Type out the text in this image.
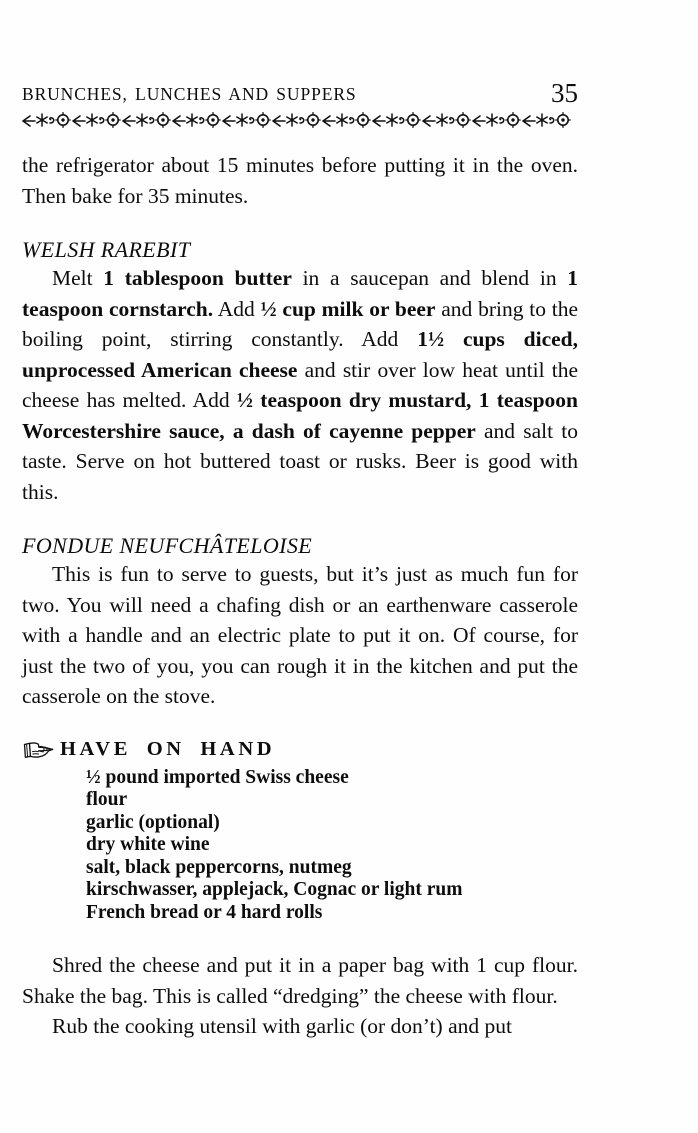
BRUNCHES, LUNCHES AND SUPPERS	35

the refrigerator about 15 minutes before putting it in the oven. Then bake for 35 minutes.

WELSH RAREBIT

Melt 1 tablespoon butter in a saucepan and blend in 1 teaspoon cornstarch. Add ½ cup milk or beer and bring to the boiling point, stirring constantly. Add 1½ cups diced, unprocessed American cheese and stir over low heat until the cheese has melted. Add ½ teaspoon dry mustard, 1 teaspoon Worcestershire sauce, a dash of cayenne pepper and salt to taste. Serve on hot buttered toast or rusks. Beer is good with this.

FONDUE NEUFCHÂTELOISE

This is fun to serve to guests, but it’s just as much fun for two. You will need a chafing dish or an earthenware casserole with a handle and an electric plate to put it on. Of course, for just the two of you, you can rough it in the kitchen and put the casserole on the stove.

HAVE ON HAND
½ pound imported Swiss cheese
flour
garlic (optional)
dry white wine
salt, black peppercorns, nutmeg
kirschwasser, applejack, Cognac or light rum
French bread or 4 hard rolls

Shred the cheese and put it in a paper bag with 1 cup flour. Shake the bag. This is called “dredging” the cheese with flour.

Rub the cooking utensil with garlic (or don’t) and put
